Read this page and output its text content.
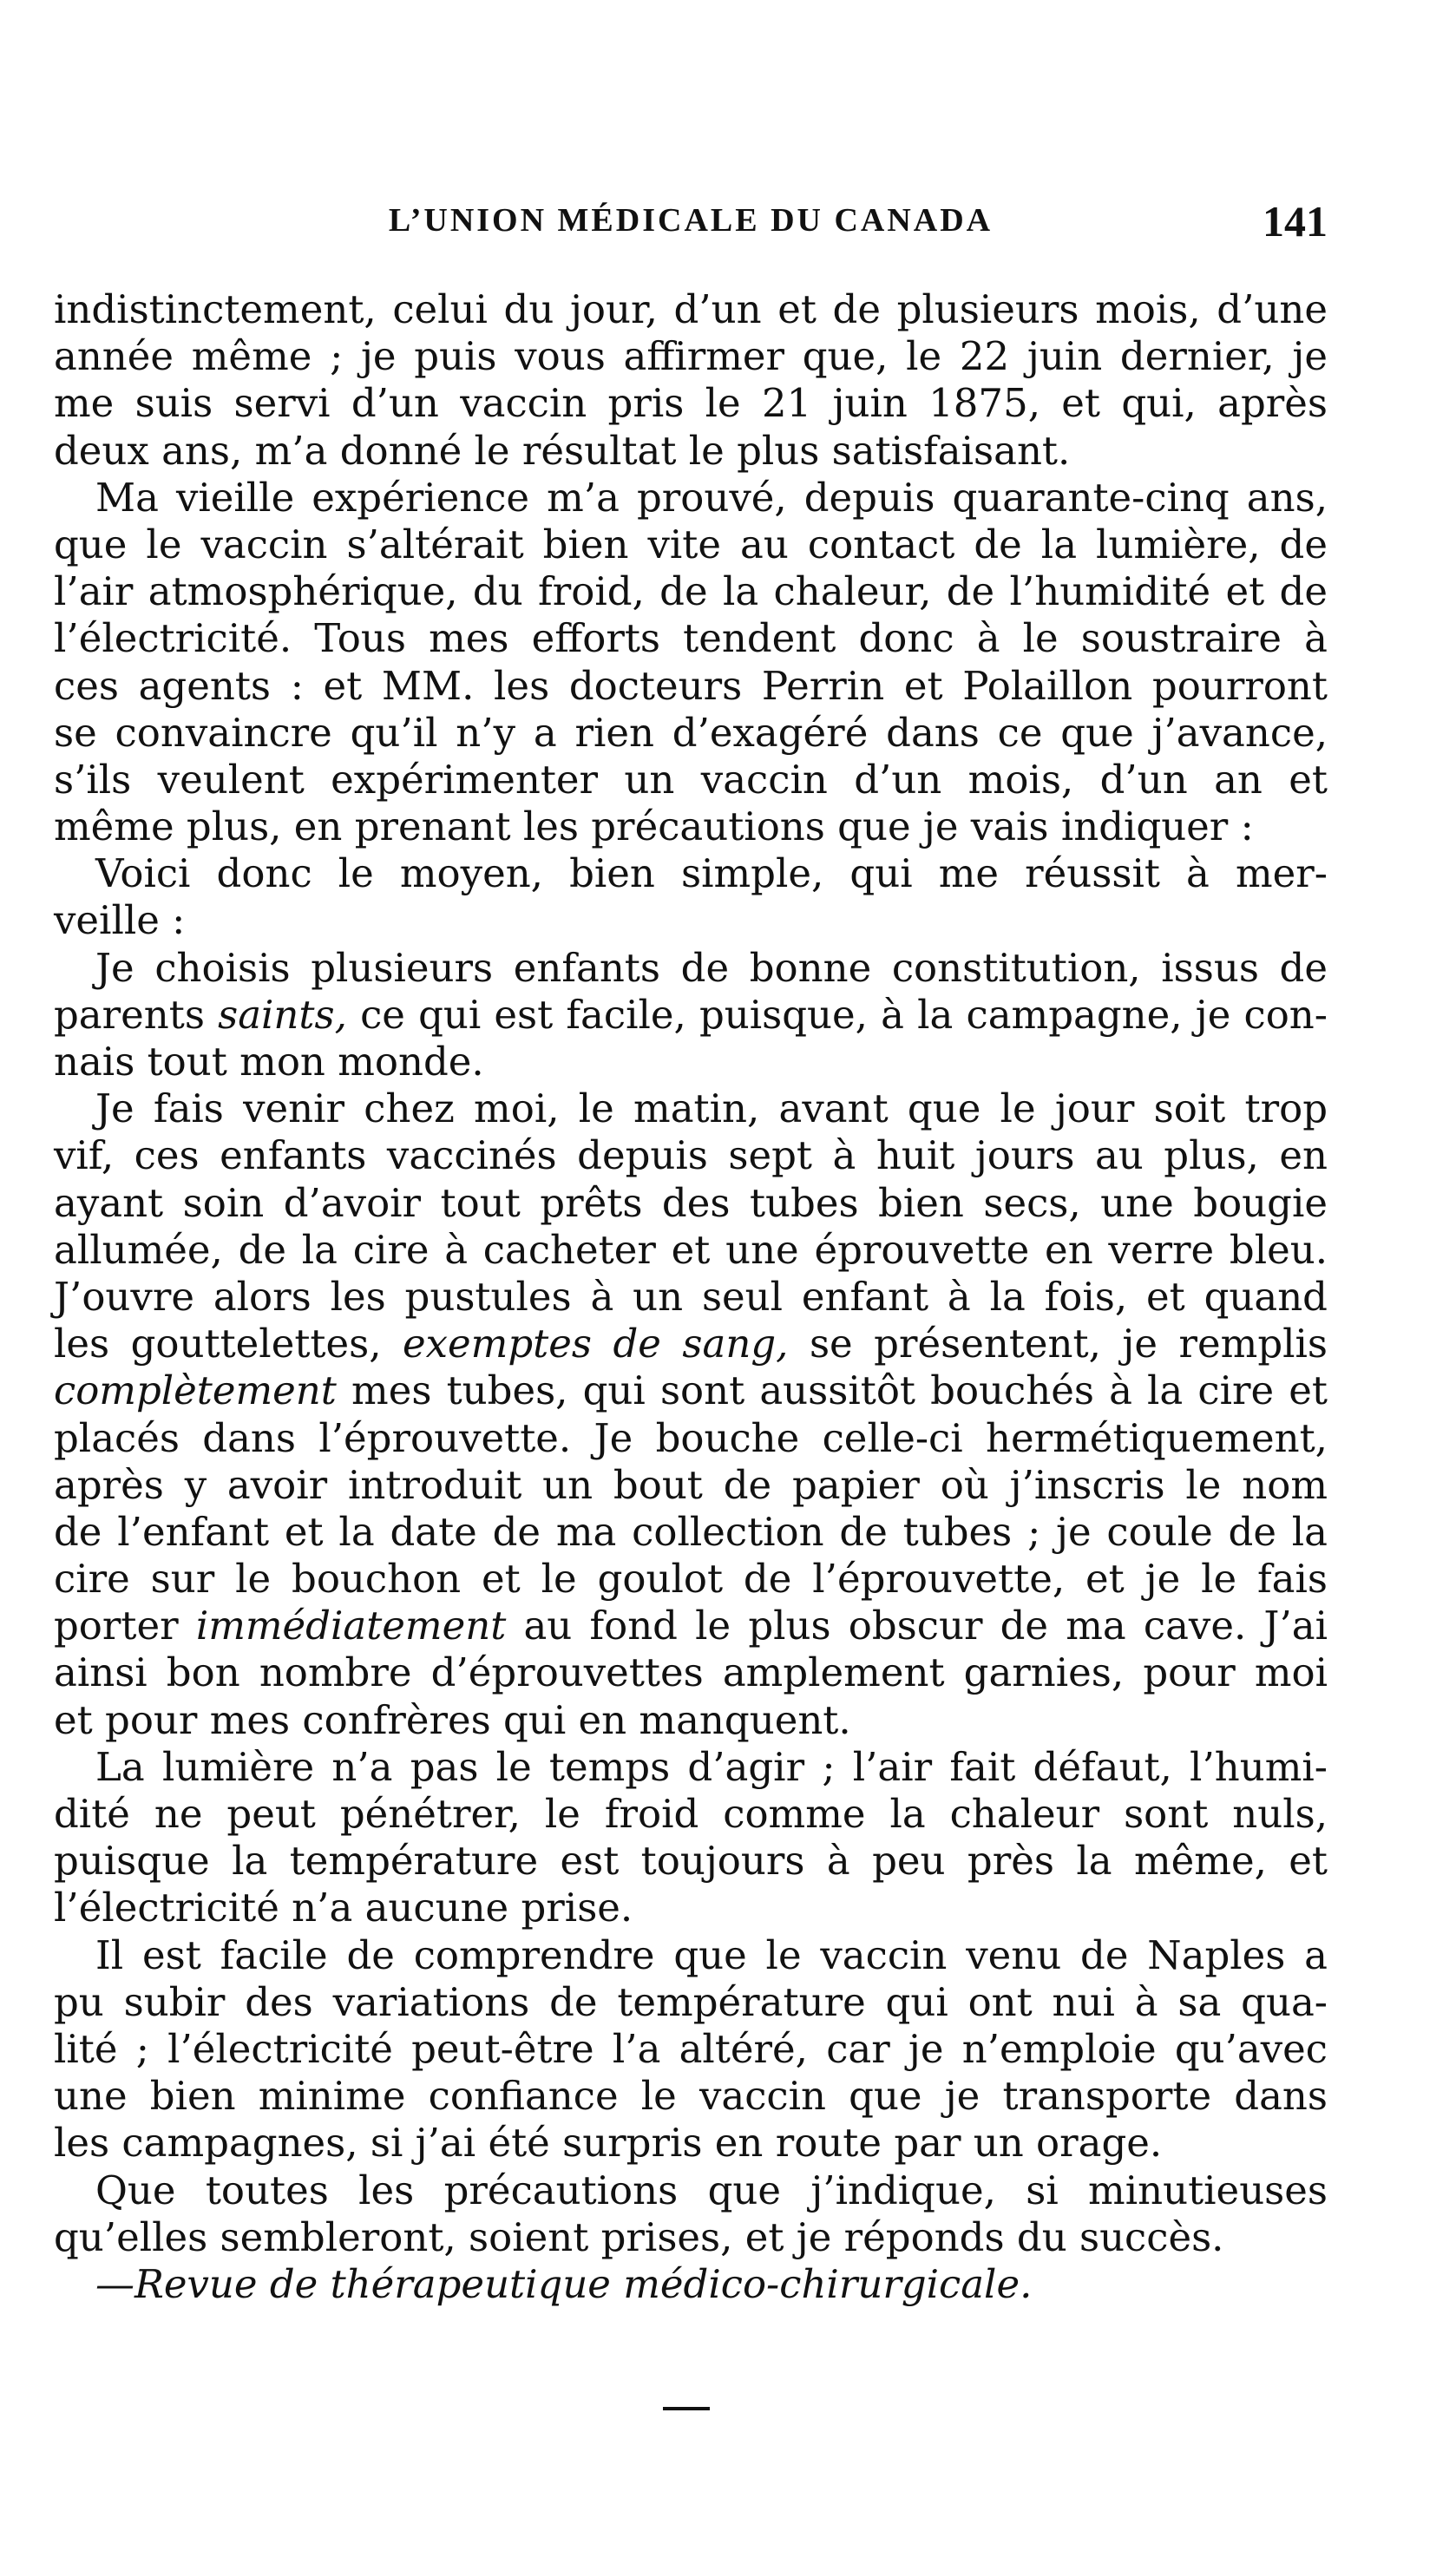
L’UNION MÉDICALE DU CANADA	141
indistinctement, celui du jour, d’un et de plusieurs mois, d’une
année même ; je puis vous affirmer que, le 22 juin dernier, je
me suis servi d’un vaccin pris le 21 juin 1875, et qui, après
deux ans, m’a donné le résultat le plus satisfaisant.
Ma vieille expérience m’a prouvé, depuis quarante-cinq ans,
que le vaccin s’altérait bien vite au contact de la lumière, de
l’air atmosphérique, du froid, de la chaleur, de l’humidité et de
l’électricité. Tous mes efforts tendent donc à le soustraire à
ces agents : et MM. les docteurs Perrin et Polaillon pourront
se convaincre qu’il n’y a rien d’exagéré dans ce que j’avance,
s’ils veulent expérimenter un vaccin d’un mois, d’un an et
même plus, en prenant les précautions que je vais indiquer :
Voici donc le moyen, bien simple, qui me réussit à mer-
veille :
Je choisis plusieurs enfants de bonne constitution, issus de
parents saints, ce qui est facile, puisque, à la campagne, je con-
nais tout mon monde.
Je fais venir chez moi, le matin, avant que le jour soit trop
vif, ces enfants vaccinés depuis sept à huit jours au plus, en
ayant soin d’avoir tout prêts des tubes bien secs, une bougie
allumée, de la cire à cacheter et une éprouvette en verre bleu.
J’ouvre alors les pustules à un seul enfant à la fois, et quand
les gouttelettes, exemptes de sang, se présentent, je remplis
complètement mes tubes, qui sont aussitôt bouchés à la cire et
placés dans l’éprouvette. Je bouche celle-ci hermétiquement,
après y avoir introduit un bout de papier où j’inscris le nom
de l’enfant et la date de ma collection de tubes ; je coule de la
cire sur le bouchon et le goulot de l’éprouvette, et je le fais
porter immédiatement au fond le plus obscur de ma cave. J’ai
ainsi bon nombre d’éprouvettes amplement garnies, pour moi
et pour mes confrères qui en manquent.
La lumière n’a pas le temps d’agir ; l’air fait défaut, l’humi-
dité ne peut pénétrer, le froid comme la chaleur sont nuls,
puisque la température est toujours à peu près la même, et
l’électricité n’a aucune prise.
Il est facile de comprendre que le vaccin venu de Naples a
pu subir des variations de température qui ont nui à sa qua-
lité ; l’électricité peut-être l’a altéré, car je n’emploie qu’avec
une bien minime confiance le vaccin que je transporte dans
les campagnes, si j’ai été surpris en route par un orage.
Que toutes les précautions que j’indique, si minutieuses
qu’elles sembleront, soient prises, et je réponds du succès.
—Revue de thérapeutique médico-chirurgicale.
